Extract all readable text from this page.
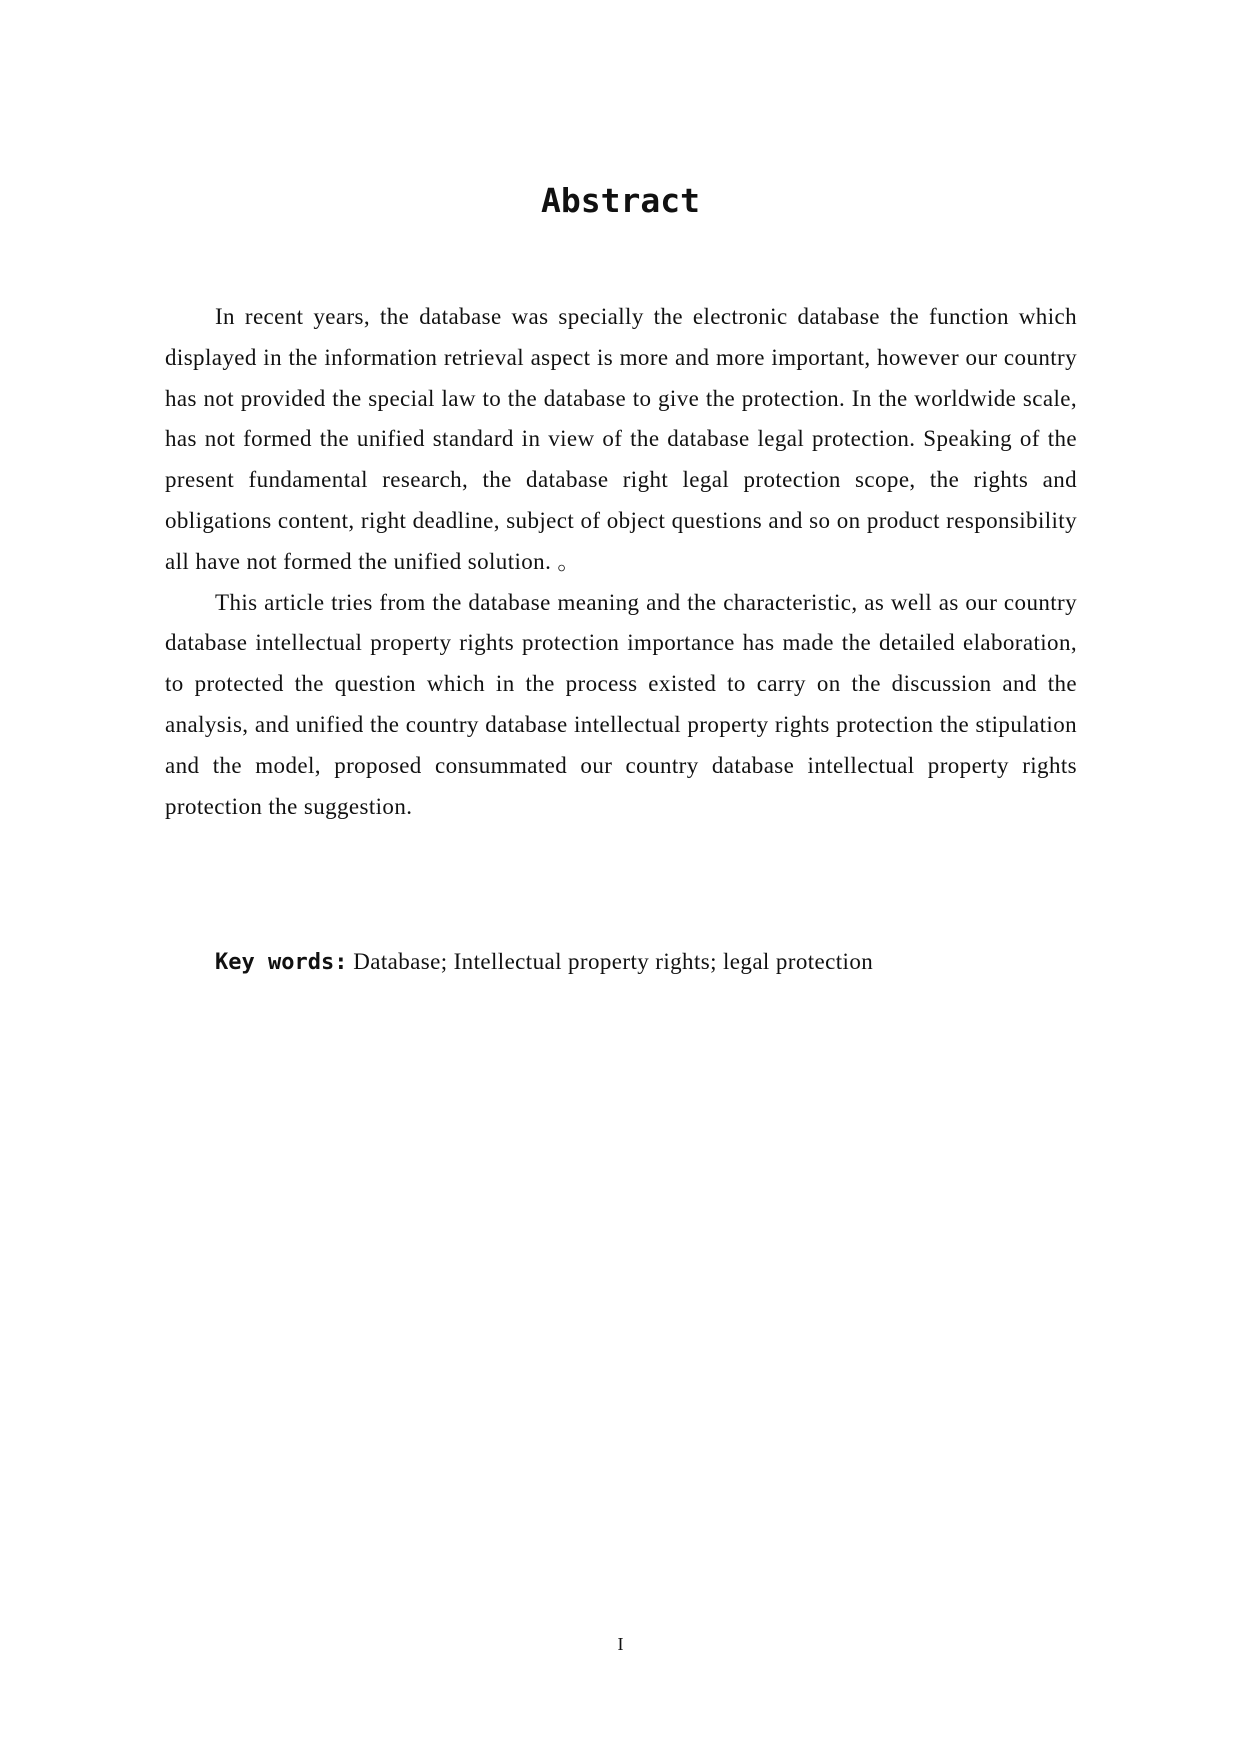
Abstract

In recent years, the database was specially the electronic database the function which displayed in the information retrieval aspect is more and more important, however our country has not provided the special law to the database to give the protection. In the worldwide scale, has not formed the unified standard in view of the database legal protection. Speaking of the present fundamental research, the database right legal protection scope, the rights and obligations content, right deadline, subject of object questions and so on product responsibility all have not formed the unified solution. 。

This article tries from the database meaning and the characteristic, as well as our country database intellectual property rights protection importance has made the detailed elaboration, to protected the question which in the process existed to carry on the discussion and the analysis, and unified the country database intellectual property rights protection the stipulation and the model, proposed consummated our country database intellectual property rights protection the suggestion.

Key words: Database; Intellectual property rights; legal protection
I
